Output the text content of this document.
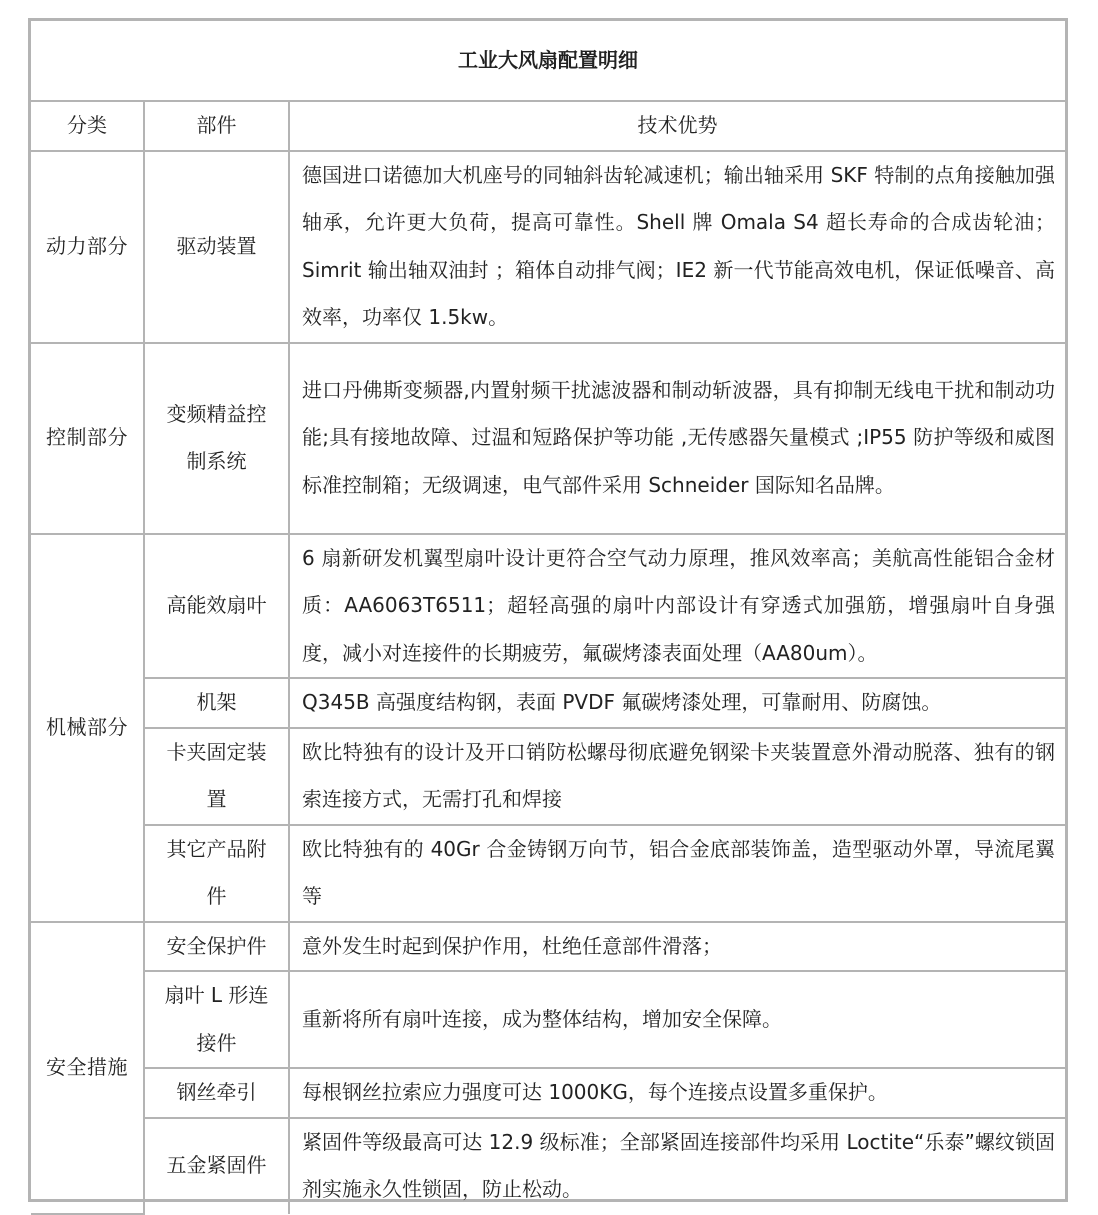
工业大风扇配置明细		
分类	部件	技术优势
动力部分	驱动装置	德国进口诺德加大机座号的同轴斜齿轮减速机；输出轴采用 SKF 特制的点角接触加强轴承，允许更大负荷，提高可靠性。Shell 牌 Omala S4 超长寿命的合成齿轮油；Simrit 输出轴双油封 ；箱体自动排气阀；IE2 新一代节能高效电机，保证低噪音、高效率，功率仅 1.5kw。
控制部分	变频精益控制系统	进口丹佛斯变频器,内置射频干扰滤波器和制动斩波器，具有抑制无线电干扰和制动功能;具有接地故障、过温和短路保护等功能 ,无传感器矢量模式 ;IP55 防护等级和威图标准控制箱；无级调速，电气部件采用 Schneider 国际知名品牌。
机械部分	高能效扇叶	6 扇新研发机翼型扇叶设计更符合空气动力原理，推风效率高；美航高性能铝合金材质：AA6063T6511；超轻高强的扇叶内部设计有穿透式加强筋，增强扇叶自身强度，减小对连接件的长期疲劳，氟碳烤漆表面处理（AA80um）。
	机架	Q345B 高强度结构钢，表面 PVDF 氟碳烤漆处理，可靠耐用、防腐蚀。
	卡夹固定装置	欧比特独有的设计及开口销防松螺母彻底避免钢梁卡夹装置意外滑动脱落、独有的钢索连接方式，无需打孔和焊接
	其它产品附件	欧比特独有的 40Gr 合金铸钢万向节，铝合金底部装饰盖，造型驱动外罩，导流尾翼等
安全措施	安全保护件	意外发生时起到保护作用，杜绝任意部件滑落；
	扇叶 L 形连接件	重新将所有扇叶连接，成为整体结构，增加安全保障。
	钢丝牵引	每根钢丝拉索应力强度可达 1000KG，每个连接点设置多重保护。
	五金紧固件	紧固件等级最高可达 12.9 级标准；全部紧固连接部件均采用 Loctite“乐泰”螺纹锁固剂实施永久性锁固，防止松动。
